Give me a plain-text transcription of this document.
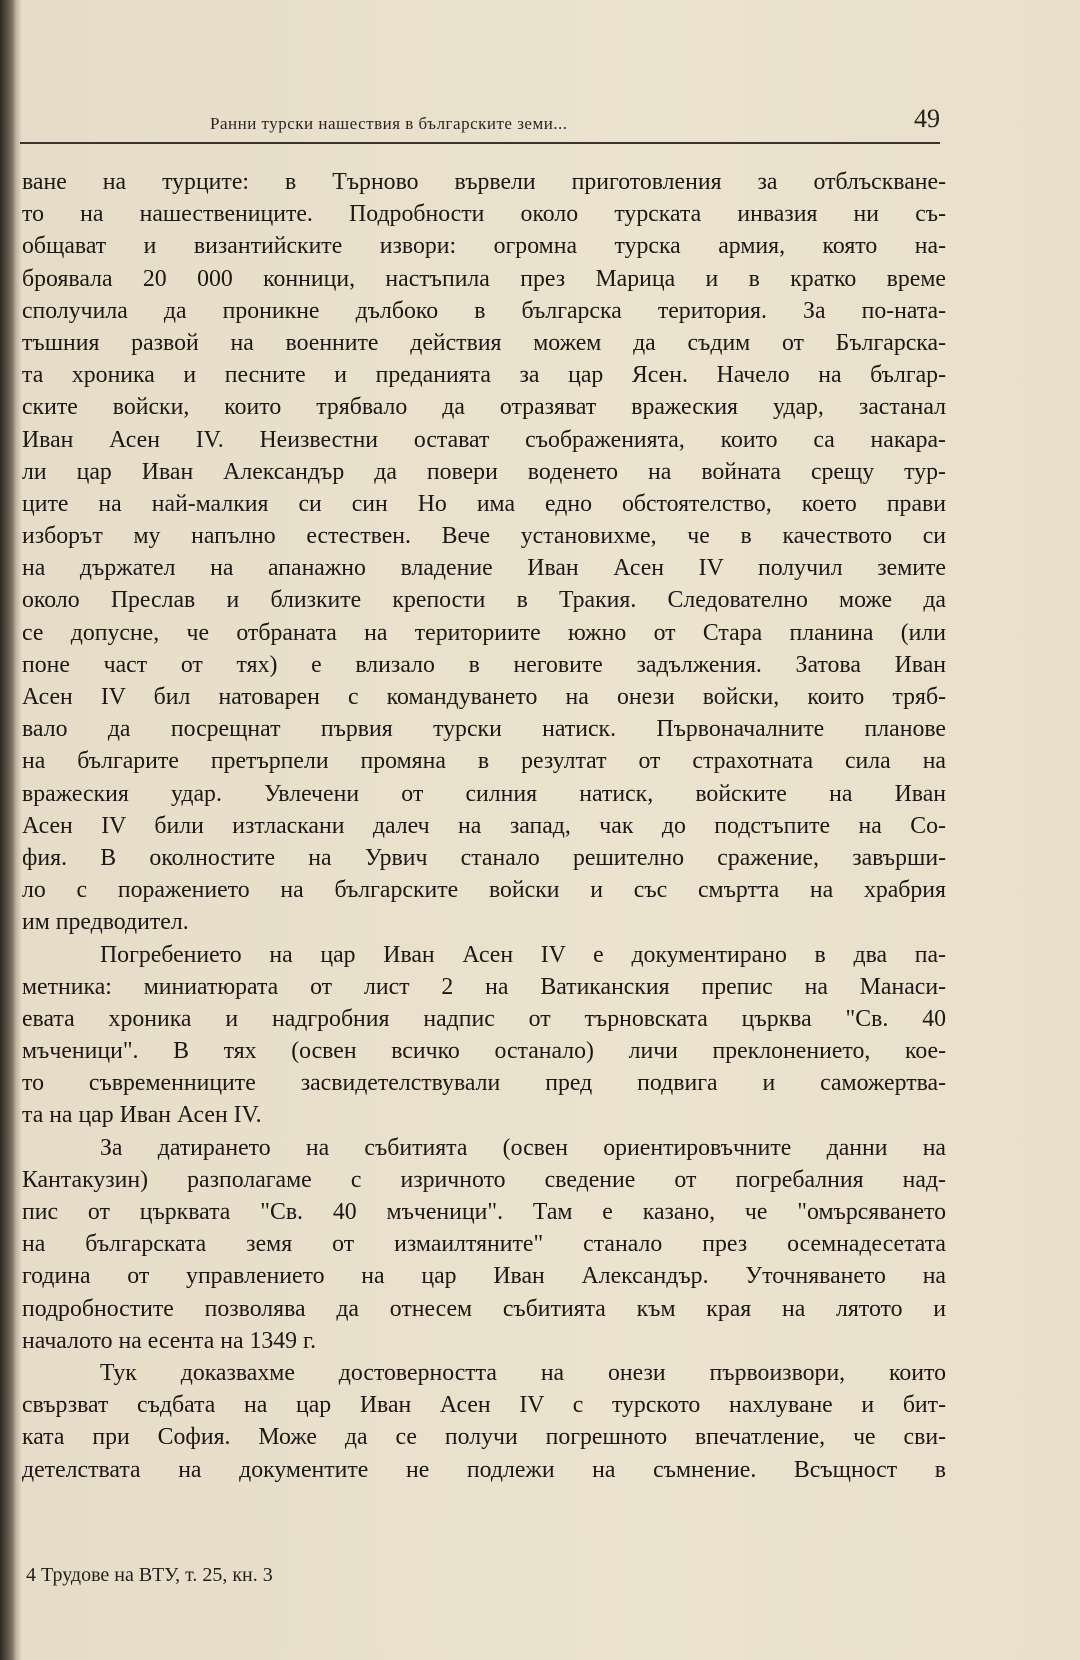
Ранни турски нашествия в българските земи...	49
ване на турците: в Търново вървели приготовления за отблъскване-
то на нашествениците. Подробности около турската инвазия ни съ-
общават и византийските извори: огромна турска армия, която на-
броявала 20 000 конници, настъпила през Марица и в кратко време
сполучила да проникне дълбоко в българска територия. За по-ната-
тъшния развой на военните действия можем да съдим от Българска-
та хроника и песните и преданията за цар Ясен. Начело на българ-
ските войски, които трябвало да отразяват вражеския удар, застанал
Иван Асен IV. Неизвестни остават съображенията, които са накара-
ли цар Иван Александър да повери воденето на войната срещу тур-
ците на най-малкия си син Но има едно обстоятелство, което прави
изборът му напълно естествен. Вече установихме, че в качеството си
на държател на апанажно владение Иван Асен IV получил земите
около Преслав и близките крепости в Тракия. Следователно може да
се допусне, че отбраната на териториите южно от Стара планина (или
поне част от тях) е влизало в неговите задължения. Затова Иван
Асен IV бил натоварен с командуването на онези войски, които тряб-
вало да посрещнат първия турски натиск. Първоначалните планове
на българите претърпели промяна в резултат от страхотната сила на
вражеския удар. Увлечени от силния натиск, войските на Иван
Асен IV били изтласкани далеч на запад, чак до подстъпите на Со-
фия. В околностите на Урвич станало решително сражение, завърши-
ло с поражението на българските войски и със смъртта на храбрия
им предводител.
Погребението на цар Иван Асен IV е документирано в два па-
метника: миниатюрата от лист 2 на Ватиканския препис на Манаси-
евата хроника и надгробния надпис от търновската църква "Св. 40
мъченици". В тях (освен всичко останало) личи преклонението, кое-
то съвременниците засвидетелствували пред подвига и саможертва-
та на цар Иван Асен IV.
За датирането на събитията (освен ориентировъчните данни на
Кантакузин) разполагаме с изричното сведение от погребалния над-
пис от църквата "Св. 40 мъченици". Там е казано, че "омърсяването
на българската земя от измаилтяните" станало през осемнадесетата
година от управлението на цар Иван Александър. Уточняването на
подробностите позволява да отнесем събитията към края на лятото и
началото на есента на 1349 г.
Тук доказвахме достоверността на онези първоизвори, които
свързват съдбата на цар Иван Асен IV с турското нахлуване и бит-
ката при София. Може да се получи погрешното впечатление, че сви-
детелствата на документите не подлежи на съмнение. Всъщност в
4 Трудове на ВТУ, т. 25, кн. 3
